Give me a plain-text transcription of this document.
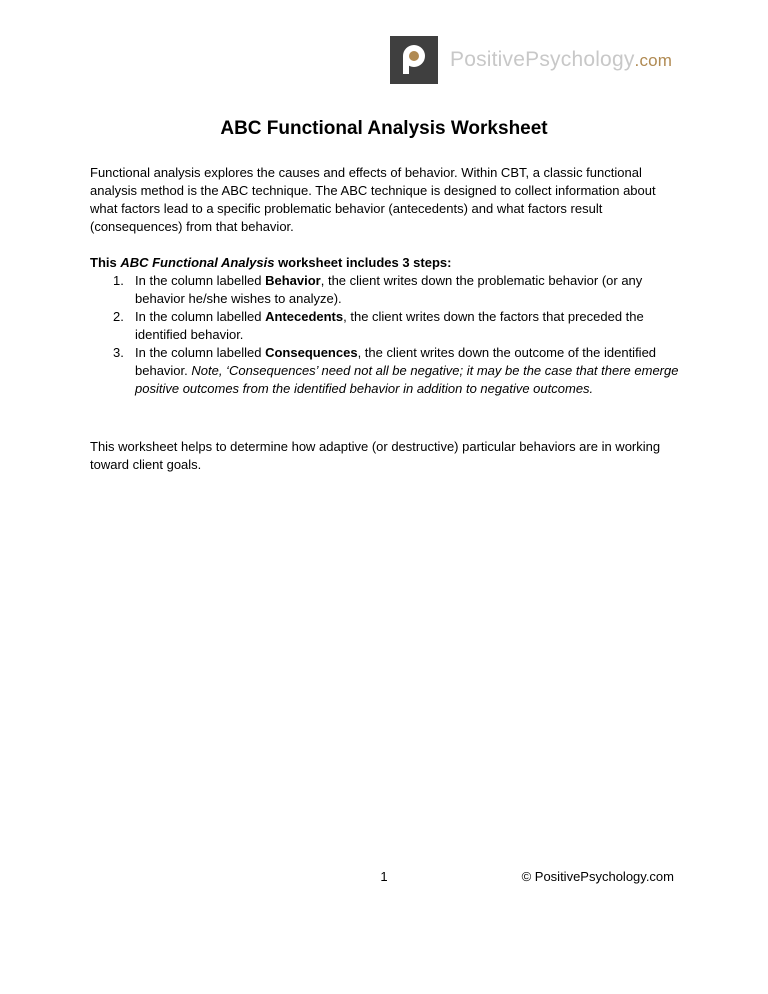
PositivePsychology.com
ABC Functional Analysis Worksheet
Functional analysis explores the causes and effects of behavior. Within CBT, a classic functional analysis method is the ABC technique. The ABC technique is designed to collect information about what factors lead to a specific problematic behavior (antecedents) and what factors result (consequences) from that behavior.
This ABC Functional Analysis worksheet includes 3 steps:
1. In the column labelled Behavior, the client writes down the problematic behavior (or any behavior he/she wishes to analyze).
2. In the column labelled Antecedents, the client writes down the factors that preceded the identified behavior.
3. In the column labelled Consequences, the client writes down the outcome of the identified behavior. Note, ‘Consequences’ need not all be negative; it may be the case that there emerge positive outcomes from the identified behavior in addition to negative outcomes.
This worksheet helps to determine how adaptive (or destructive) particular behaviors are in working toward client goals.
1	© PositivePsychology.com
